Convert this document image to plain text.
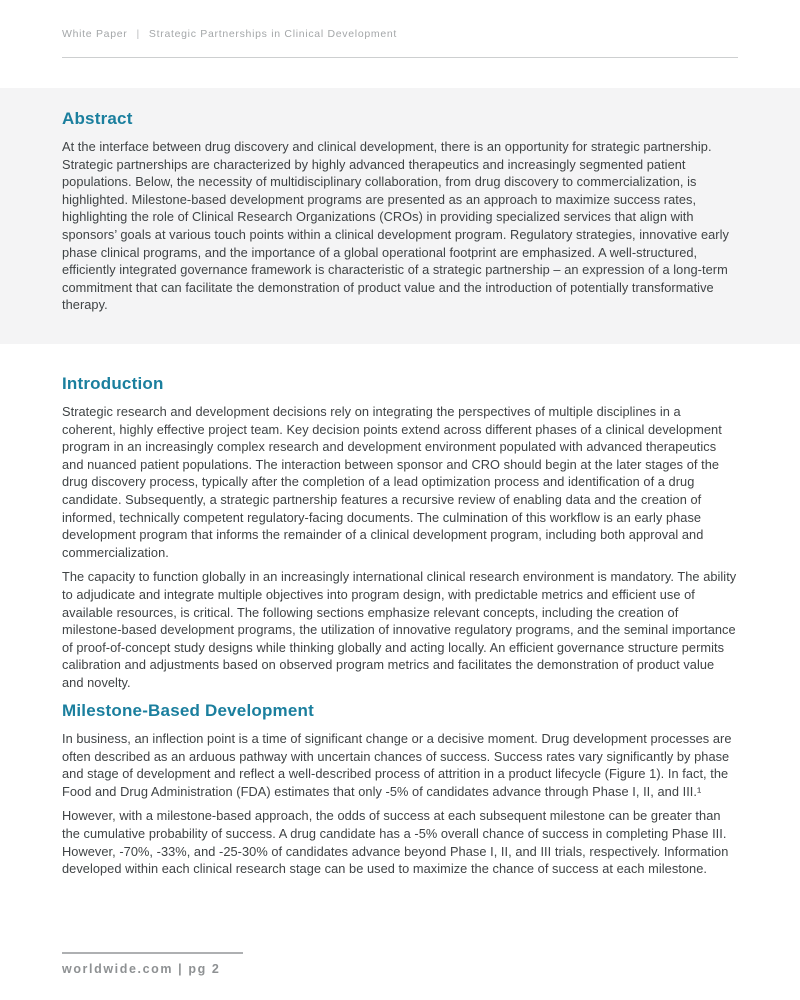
White Paper | Strategic Partnerships in Clinical Development
Abstract

At the interface between drug discovery and clinical development, there is an opportunity for strategic partnership. Strategic partnerships are characterized by highly advanced therapeutics and increasingly segmented patient populations. Below, the necessity of multidisciplinary collaboration, from drug discovery to commercialization, is highlighted. Milestone-based development programs are presented as an approach to maximize success rates, highlighting the role of Clinical Research Organizations (CROs) in providing specialized services that align with sponsors’ goals at various touch points within a clinical development program. Regulatory strategies, innovative early phase clinical programs, and the importance of a global operational footprint are emphasized. A well-structured, efficiently integrated governance framework is characteristic of a strategic partnership – an expression of a long-term commitment that can facilitate the demonstration of product value and the introduction of potentially transformative therapy.

Introduction

Strategic research and development decisions rely on integrating the perspectives of multiple disciplines in a coherent, highly effective project team. Key decision points extend across different phases of a clinical development program in an increasingly complex research and development environment populated with advanced therapeutics and nuanced patient populations. The interaction between sponsor and CRO should begin at the later stages of the drug discovery process, typically after the completion of a lead optimization process and identification of a drug candidate. Subsequently, a strategic partnership features a recursive review of enabling data and the creation of informed, technically competent regulatory-facing documents. The culmination of this workflow is an early phase development program that informs the remainder of a clinical development program, including both approval and commercialization.

The capacity to function globally in an increasingly international clinical research environment is mandatory. The ability to adjudicate and integrate multiple objectives into program design, with predictable metrics and efficient use of available resources, is critical. The following sections emphasize relevant concepts, including the creation of milestone-based development programs, the utilization of innovative regulatory programs, and the seminal importance of proof-of-concept study designs while thinking globally and acting locally. An efficient governance structure permits calibration and adjustments based on observed program metrics and facilitates the demonstration of product value and novelty.

Milestone-Based Development

In business, an inflection point is a time of significant change or a decisive moment. Drug development processes are often described as an arduous pathway with uncertain chances of success. Success rates vary significantly by phase and stage of development and reflect a well-described process of attrition in a product lifecycle (Figure 1). In fact, the Food and Drug Administration (FDA) estimates that only -5% of candidates advance through Phase I, II, and III.¹

However, with a milestone-based approach, the odds of success at each subsequent milestone can be greater than the cumulative probability of success. A drug candidate has a -5% overall chance of success in completing Phase III. However, -70%, -33%, and -25-30% of candidates advance beyond Phase I, II, and III trials, respectively. Information developed within each clinical research stage can be used to maximize the chance of success at each milestone.

worldwide.com | pg 2
